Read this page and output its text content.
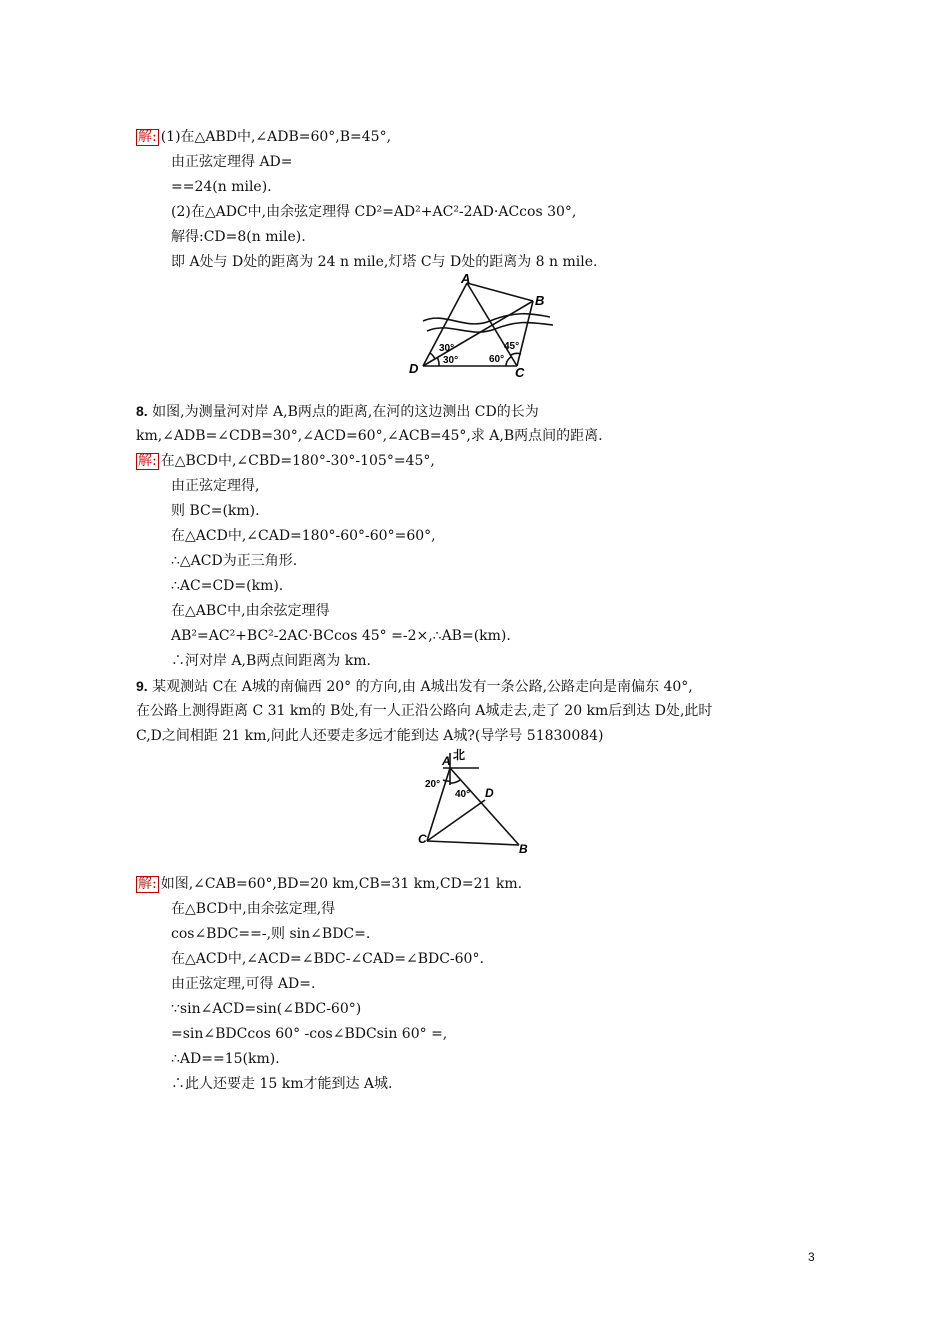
解: (1)在△ABD中,∠ADB=60°,B=45°,
由正弦定理得 AD=
==24(n mile).
(2)在△ADC中,由余弦定理得 CD²=AD²+AC²-2AD·ACcos 30°,
解得:CD=8(n mile).
即 A处与 D处的距离为 24 n mile,灯塔 C与 D处的距离为 8 n mile.
A
B
C
D
30°
30°	60°
45°
8. 如图,为测量河对岸 A,B两点的距离,在河的这边测出 CD的长为
km,∠ADB=∠CDB=30°,∠ACD=60°,∠ACB=45°,求 A,B两点间的距离.
解: 在△BCD中,∠CBD=180°-30°-105°=45°,
由正弦定理得,
则 BC=(km).
在△ACD中,∠CAD=180°-60°-60°=60°,
∴△ACD为正三角形.
∴AC=CD=(km).
在△ABC中,由余弦定理得
AB²=AC²+BC²-2AC·BCcos 45° =-2×,∴AB=(km).
∴河对岸 A,B两点间距离为 km.
9. 某观测站 C在 A城的南偏西 20° 的方向,由 A城出发有一条公路,公路走向是南偏东 40°,
在公路上测得距离 C 31 km的 B处,有一人正沿公路向 A城走去,走了 20 km后到达 D处,此时
C,D之间相距 21 km,问此人还要走多远才能到达 A城?(导学号 51830084)
北
A
D
C
B
20°
40°
解: 如图,∠CAB=60°,BD=20 km,CB=31 km,CD=21 km.
在△BCD中,由余弦定理,得
cos∠BDC==-,则 sin∠BDC=.
在△ACD中,∠ACD=∠BDC-∠CAD=∠BDC-60°.
由正弦定理,可得 AD=.
∵sin∠ACD=sin(∠BDC-60°)
=sin∠BDCcos 60° -cos∠BDCsin 60° =,
∴AD==15(km).
∴此人还要走 15 km才能到达 A城.
3
